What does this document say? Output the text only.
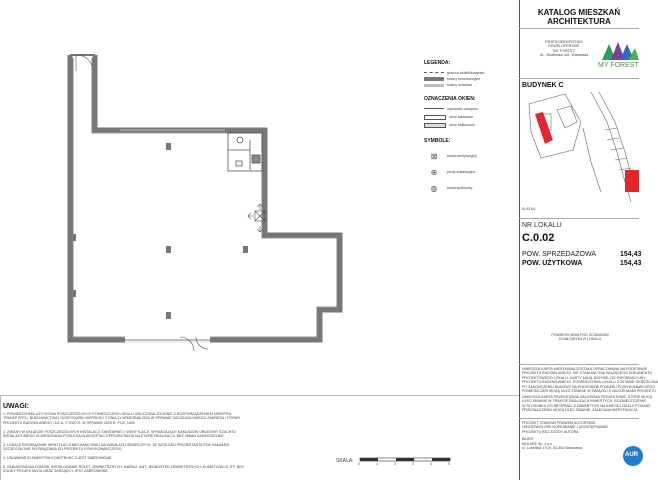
KATALOG MIESZKAŃ
ARCHITEKTURA
PRZEDSIĘBIORSTWO
DEWELOPERSKIE
"MY FOREST"
UL. Modlińska 342, Warszawa
MY FOREST
BUDYNEK C
KLATKA
NR LOKALU
C.0.02
POW. SPRZEDAŻOWA	154,43
POW. UŻYTKOWA	154,43
POWIERZCHNIA POD ŚCIANKAMI
DZIAŁOWYMI W LOKALU
NINIEJSZA KARTA MIESZKANIA ZOSTAŁA OPRACOWANA NA PODSTAWIE
PROJEKTU BUDOWLANEGO. NIE STANOWI ONA WIĄŻĄCEGO DOKUMENTU
PROJEKTOWEGO LOKALU. KARTY MAJĄ JEDYNIE CEL INFORMACYJNY.
PROJEKTU BUDOWLANEGO. POWIERZCHNIA LOKALU ZOSTANIE OKREŚLONA
PO ZAKOŃCZENIU BUDOWY NA PODSTAWIE POMIARU POWYKONAWCZEGO
POMIESZCZEŃ MOGĄ ULEC ZMIANIE W ZWIĄZKU Z ZAŁOŻENIAMI PROJEKTU.
NINIEJSZA KARTA PRZEDSTAWIA ZAŁOŻENIA PROJEKTOWE, KTÓRE MOGĄ
ULEC ZMIANIE W TRAKCIE REALIZACJI INWESTYCJI. ROZMIESZCZENIE
W STOSUNKU DO INFORMACJI ZAWARTYCH NA KARCIE LOKALU PODANE
PRZEZNACZENIU MOGĄ ULEC ZMIANIE. ZALECANA WERYFIKACJA
PROJEKT STANOWI PRAWEM AUTORSKIM
NIEDOZWOLONE KOPIOWANIE I UDOSTĘPNIANIE
PROJEKTU BEZ ZGODY AUTORA
BIURO
MULARE Sp. z o.o.
ul. Lubelska 17/19, 03-802 Warszawa
AUR
LEGENDA:
granica działki/budynek
ściany konstrukcyjne
ściany działowe
OZNACZENIA OKIEN:
wysokość parapetu
okno fasadowe
okno balkonowe
SYMBOLE:
⊠	kanał wentylacyjny
⊕	piony instalacyjne
◍	kanał spalinowy
UWAGI:
1. POWIERZCHNIA UŻYTKOWA POSZCZEGÓLNYCH POMIESZCZEŃ LOKALU OBLICZONA ZGODNIE Z ROZPORZĄDZENIEM MINISTRA
TRANSPORTU, BUDOWNICTWA I GOSPODARKI MORSKIEJ Z DNIA 11 WRZEŚNIA 2020 W SPRAWIE SZCZEGÓŁOWEGO ZAKRESU I FORMY
PROJEKTU BUDOWLANEGO / DZ.U. Z 2020 R. W SPRAWIE 2020 R. POZ. 1609
2. ZMIANY W UKŁADZIE POSZCZEGÓLNYCH INSTALACJI SANITARNEJ I WENTYLACJI, WYMAGAJĄCE NAKŁADÓW OBUDOWY SZACHTU
INSTALACYJNEGO W MIESZKANIU PODLEGAJĄ AKCEPTACJI PROJEKTANTA NA ETAPIE REALIZACJI, BEZ ZMIAN SAMODZIELNIE.
3. LOKALE ROZWIĄZANIE WENTYLACJI MECHANICZNEJ NA KANAŁACH ZBIORCZYCH, ZE WZGLĘDU PROJEKTANTA POD KANAŁEM
SZCZEGÓŁOWE ROZWIĄZANIA DO PROJEKTU POWYKONAWCZEGO.
4. USUWANIE ELEMENTÓW KONSTRUKCJI JEST ZABRONIONE.
5. ZABUDOWA BALKONÓW, INSTALOWANIE ROLET ZEWNĘTRZNYCH, MARKIZ, ANT, JEDNOSTEK ZEWNĘTRZNYCH, KLIMATYZACJI, ITP. BEZ
ZGODY PROJEKTANTA ORAZ ZARZĄDCY JEST ZABRONIONE.
SKALA: 0	1	2	3	4	5
